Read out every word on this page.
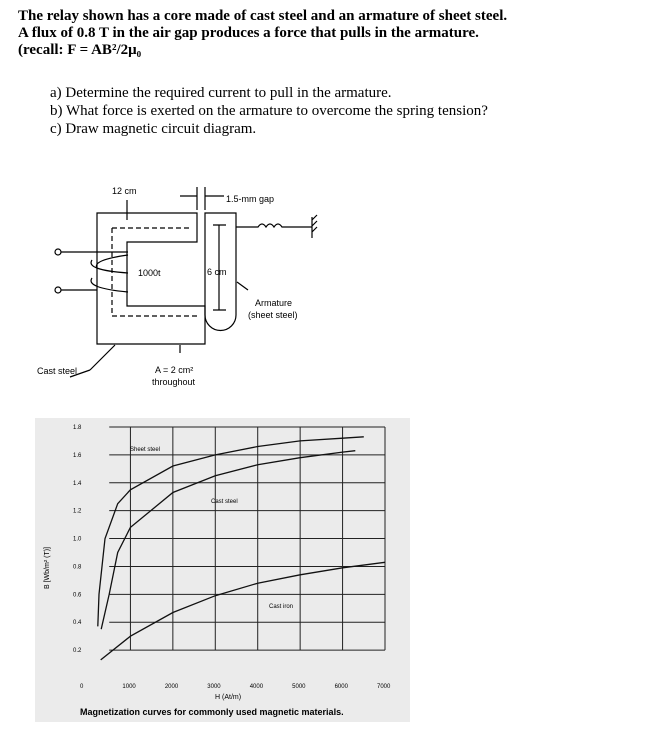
The relay shown has a core made of cast steel and an armature of sheet steel.
A flux of 0.8 T in the air gap produces a force that pulls in the armature.
(recall: F = AB²/2μ₀
a) Determine the required current to pull in the armature.
b) What force is exerted on the armature to overcome the spring tension?
c) Draw magnetic circuit diagram.
12 cm
1.5-mm gap
1000t	6 cm
Armature
(sheet steel)
Cast steel	A = 2 cm²
throughout
0	1000	2000	3000	4000	5000	6000	7000
0.2
0.4
0.6
0.8
1.0
1.2
1.4
1.6
1.8
Sheet steel
Cast steel
Cast iron
B [Wb/m² (T)]
H (At/m)
Magnetization curves for commonly used magnetic materials.
